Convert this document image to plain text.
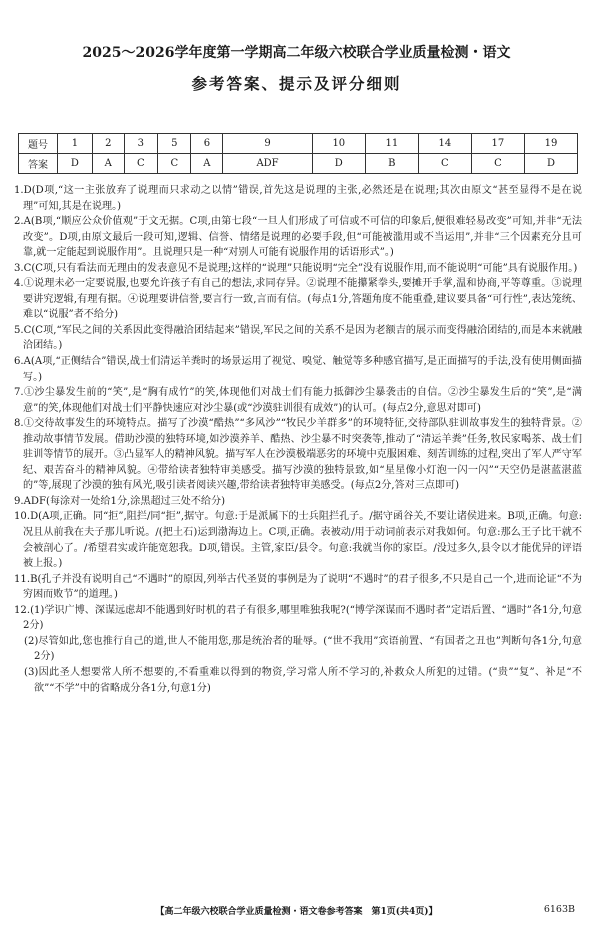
2025～2026学年度第一学期高二年级六校联合学业质量检测・语文
参考答案、提示及评分细则
题号	1	2	3	5	6	9	10	11	14	17	19
答案	D	A	C	C	A	ADF	D	B	C	C	D

1.D(D项,“这一主张放弃了说理而只求动之以情”错误,首先这是说理的主张,必然还是在说理;其次由原文“甚至显得不是在说理”可知,其是在说理。)

2.A(B项,“顺应公众价值观”于文无据。C项,由第七段“一旦人们形成了可信或不可信的印象后,便很难轻易改变”可知,并非“无法改变”。D项,由原文最后一段可知,逻辑、信誉、情绪是说理的必要手段,但“可能被滥用或不当运用”,并非“三个因素充分且可靠,就一定能起到说服作用”。且说理只是一种“对别人可能有说服作用的话语形式”。)

3.C(C项,只有看法而无理由的发表意见不是说理;这样的“说理”只能说明“完全”没有说服作用,而不能说明“可能”具有说服作用。)

4.①说理未必一定要说服,也要允许孩子有自己的想法,求同存异。②说理不能攥紧拳头,要摊开手掌,温和协商,平等尊重。③说理要讲究逻辑,有理有据。④说理要讲信誉,要言行一致,言而有信。(每点1分,答题角度不能重叠,建议要具备“可行性”,表达笼统、难以“说服”者不给分)

5.C(C项,“军民之间的关系因此变得融洽团结起来”错误,军民之间的关系不是因为老额吉的展示而变得融洽团结的,而是本来就融洽团结。)

6.A(A项,“正侧结合”错误,战士们清运羊粪时的场景运用了视觉、嗅觉、触觉等多种感官描写,是正面描写的手法,没有使用侧面描写。)

7.①沙尘暴发生前的“笑”,是“胸有成竹”的笑,体现他们对战士们有能力抵御沙尘暴袭击的自信。②沙尘暴发生后的“笑”,是“满意”的笑,体现他们对战士们平静快速应对沙尘暴(或“沙漠驻训很有成效”)的认可。(每点2分,意思对即可)

8.①交待故事发生的环境特点。描写了沙漠“酷热”“多风沙”“牧民少羊群多”的环境特征,交待部队驻训故事发生的独特背景。②推动故事情节发展。借助沙漠的独特环境,如沙漠养羊、酷热、沙尘暴不时突袭等,推动了“清运羊粪”任务,牧民家喝茶、战士们驻训等情节的展开。③凸显军人的精神风貌。描写军人在沙漠极端恶劣的环境中克服困难、刻苦训练的过程,突出了军人严守军纪、艰苦奋斗的精神风貌。④带给读者独特审美感受。描写沙漠的独特景致,如“星星像小灯泡一闪一闪”“天空仍是湛蓝湛蓝的”等,展现了沙漠的独有风光,吸引读者阅读兴趣,带给读者独特审美感受。(每点2分,答对三点即可)

9.ADF(每涂对一处给1分,涂黑超过三处不给分)

10.D(A项,正确。同“拒”,阻拦/同“拒”,据守。句意:于是派属下的士兵阻拦孔子。/据守函谷关,不要让诸侯进来。B项,正确。句意:况且从前我在夫子那儿听说。/(把土石)运到渤海边上。C项,正确。表被动/用于动词前表示对我如何。句意:那么王子比干就不会被剖心了。/希望君实或许能宽恕我。D项,错误。主管,家臣/县令。句意:我就当你的家臣。/没过多久,县令以才能优异的评语被上报。)

11.B(孔子并没有说明自己“不遇时”的原因,列举古代圣贤的事例是为了说明“不遇时”的君子很多,不只是自己一个,进而论证“不为穷困而败节”的道理。)

12.(1)学识广博、深谋远虑却不能遇到好时机的君子有很多,哪里唯独我呢?(“博学深谋而不遇时者”定语后置、“遇时”各1分,句意2分)

(2)尽管如此,您也推行自己的道,世人不能用您,那是统治者的耻辱。(“世不我用”宾语前置、“有国者之丑也”判断句各1分,句意2分)

(3)因此圣人想要常人所不想要的,不看重难以得到的物资,学习常人所不学习的,补救众人所犯的过错。(“贵”“复”、补足“不欲”“不学”中的省略成分各1分,句意1分)

【高二年级六校联合学业质量检测・语文卷参考答案　第1页(共4页)】	6163B
